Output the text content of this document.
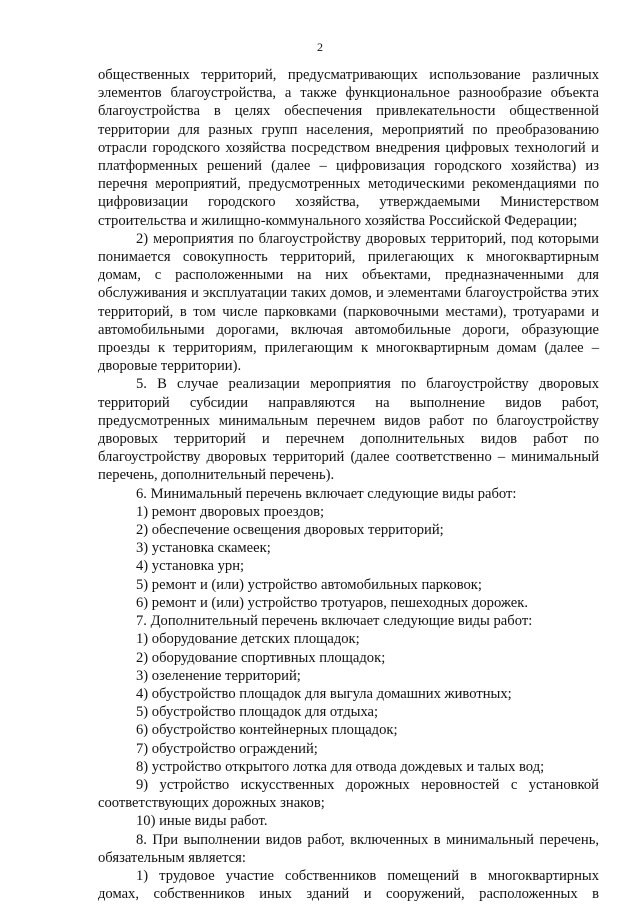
2

общественных территорий, предусматривающих использование различных элементов благоустройства, а также функциональное разнообразие объекта благоустройства в целях обеспечения привлекательности общественной территории для разных групп населения, мероприятий по преобразованию отрасли городского хозяйства посредством внедрения цифровых технологий и платформенных решений (далее – цифровизация городского хозяйства) из перечня мероприятий, предусмотренных методическими рекомендациями по цифровизации городского хозяйства, утверждаемыми Министерством строительства и жилищно-коммунального хозяйства Российской Федерации;

2) мероприятия по благоустройству дворовых территорий, под которыми понимается совокупность территорий, прилегающих к многоквартирным домам, с расположенными на них объектами, предназначенными для обслуживания и эксплуатации таких домов, и элементами благоустройства этих территорий, в том числе парковками (парковочными местами), тротуарами и автомобильными дорогами, включая автомобильные дороги, образующие проезды к территориям, прилегающим к многоквартирным домам (далее – дворовые территории).

5. В случае реализации мероприятия по благоустройству дворовых территорий субсидии направляются на выполнение видов работ, предусмотренных минимальным перечнем видов работ по благоустройству дворовых территорий и перечнем дополнительных видов работ по благоустройству дворовых территорий (далее соответственно – минимальный перечень, дополнительный перечень).

6. Минимальный перечень включает следующие виды работ:

1) ремонт дворовых проездов;

2) обеспечение освещения дворовых территорий;

3) установка скамеек;

4) установка урн;

5) ремонт и (или) устройство автомобильных парковок;

6) ремонт и (или) устройство тротуаров, пешеходных дорожек.

7. Дополнительный перечень включает следующие виды работ:

1) оборудование детских площадок;

2) оборудование спортивных площадок;

3) озеленение территорий;

4) обустройство площадок для выгула домашних животных;

5) обустройство площадок для отдыха;

6) обустройство контейнерных площадок;

7) обустройство ограждений;

8) устройство открытого лотка для отвода дождевых и талых вод;

9) устройство искусственных дорожных неровностей с установкой соответствующих дорожных знаков;

10) иные виды работ.

8. При выполнении видов работ, включенных в минимальный перечень, обязательным является:

1) трудовое участие собственников помещений в многоквартирных домах, собственников иных зданий и сооружений, расположенных в
